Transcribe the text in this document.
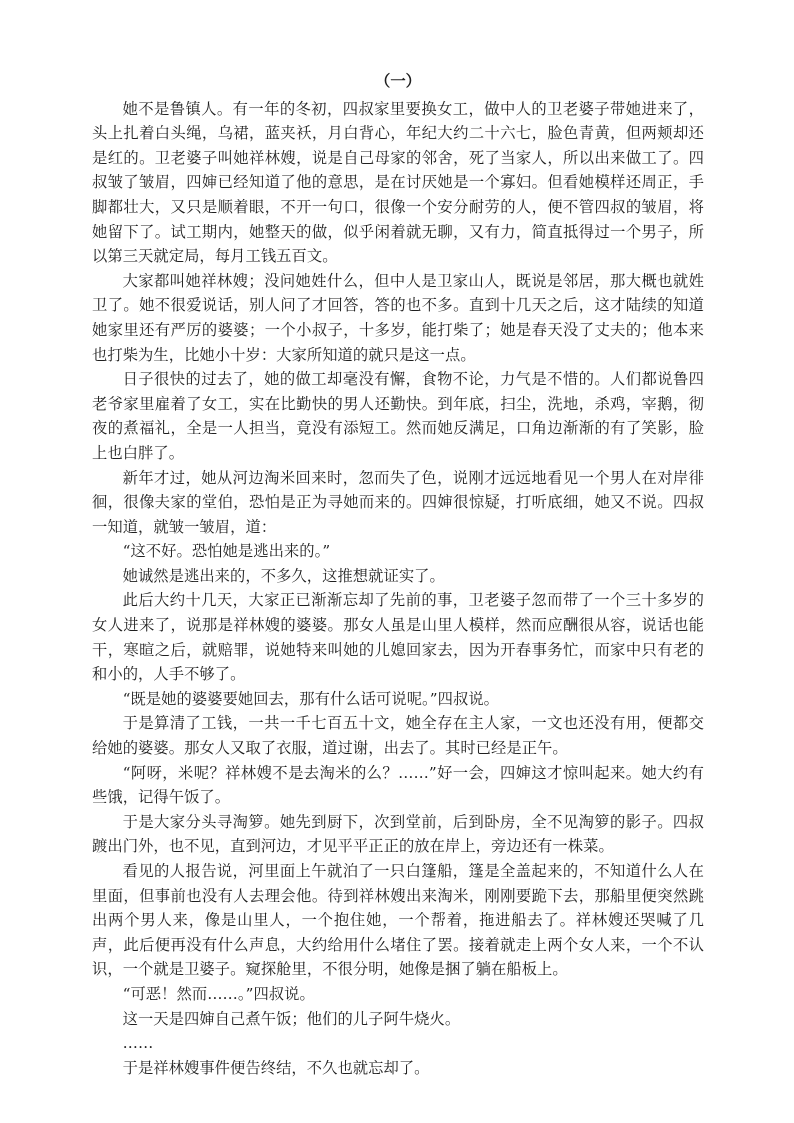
（一）

她不是鲁镇人。有一年的冬初，四叔家里要换女工，做中人的卫老婆子带她进来了，头上扎着白头绳，乌裙，蓝夹袄，月白背心，年纪大约二十六七，脸色青黄，但两颊却还是红的。卫老婆子叫她祥林嫂，说是自己母家的邻舍，死了当家人，所以出来做工了。四叔皱了皱眉，四婶已经知道了他的意思，是在讨厌她是一个寡妇。但看她模样还周正，手脚都壮大，又只是顺着眼，不开一句口，很像一个安分耐劳的人，便不管四叔的皱眉，将她留下了。试工期内，她整天的做，似乎闲着就无聊，又有力，简直抵得过一个男子，所以第三天就定局，每月工钱五百文。

大家都叫她祥林嫂；没问她姓什么，但中人是卫家山人，既说是邻居，那大概也就姓卫了。她不很爱说话，别人问了才回答，答的也不多。直到十几天之后，这才陆续的知道她家里还有严厉的婆婆；一个小叔子，十多岁，能打柴了；她是春天没了丈夫的；他本来也打柴为生，比她小十岁：大家所知道的就只是这一点。

日子很快的过去了，她的做工却毫没有懈，食物不论，力气是不惜的。人们都说鲁四老爷家里雇着了女工，实在比勤快的男人还勤快。到年底，扫尘，洗地，杀鸡，宰鹅，彻夜的煮福礼，全是一人担当，竟没有添短工。然而她反满足，口角边渐渐的有了笑影，脸上也白胖了。

新年才过，她从河边淘米回来时，忽而失了色，说刚才远远地看见一个男人在对岸徘徊，很像夫家的堂伯，恐怕是正为寻她而来的。四婶很惊疑，打听底细，她又不说。四叔一知道，就皱一皱眉，道：

“这不好。恐怕她是逃出来的。”

她诚然是逃出来的，不多久，这推想就证实了。

此后大约十几天，大家正已渐渐忘却了先前的事，卫老婆子忽而带了一个三十多岁的女人进来了，说那是祥林嫂的婆婆。那女人虽是山里人模样，然而应酬很从容，说话也能干，寒暄之后，就赔罪，说她特来叫她的儿媳回家去，因为开春事务忙，而家中只有老的和小的，人手不够了。

“既是她的婆婆要她回去，那有什么话可说呢。”四叔说。

于是算清了工钱，一共一千七百五十文，她全存在主人家，一文也还没有用，便都交给她的婆婆。那女人又取了衣服，道过谢，出去了。其时已经是正午。

“阿呀，米呢？祥林嫂不是去淘米的么？……”好一会，四婶这才惊叫起来。她大约有些饿，记得午饭了。

于是大家分头寻淘箩。她先到厨下，次到堂前，后到卧房，全不见淘箩的影子。四叔踱出门外，也不见，直到河边，才见平平正正的放在岸上，旁边还有一株菜。

看见的人报告说，河里面上午就泊了一只白篷船，篷是全盖起来的，不知道什么人在里面，但事前也没有人去理会他。待到祥林嫂出来淘米，刚刚要跪下去，那船里便突然跳出两个男人来，像是山里人，一个抱住她，一个帮着，拖进船去了。祥林嫂还哭喊了几声，此后便再没有什么声息，大约给用什么堵住了罢。接着就走上两个女人来，一个不认识，一个就是卫婆子。窥探舱里，不很分明，她像是捆了躺在船板上。

“可恶！然而……。”四叔说。

这一天是四婶自己煮午饭；他们的儿子阿牛烧火。

……

于是祥林嫂事件便告终结，不久也就忘却了。
